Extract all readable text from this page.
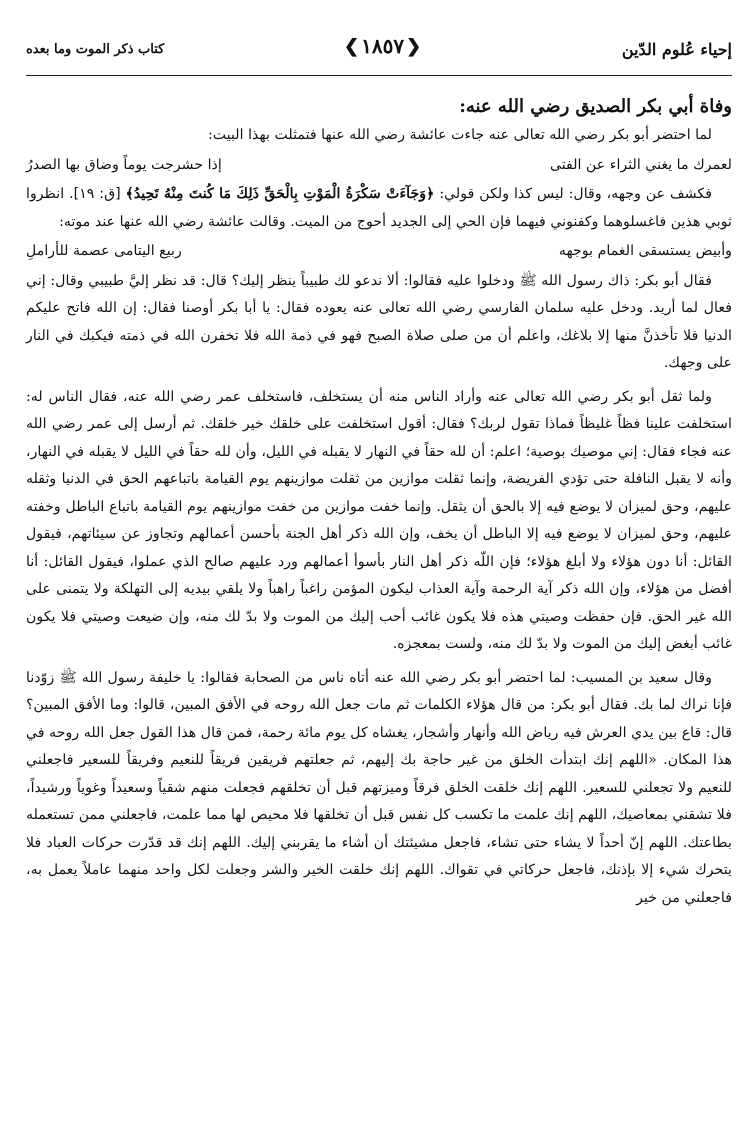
إحياء عُلوم الدّين
❮ ١٨٥٧ ❯
كتاب ذكر الموت وما بعده

وفاة أبي بكر الصديق رضي الله عنه:

لما احتضر أبو بكر رضي الله تعالى عنه جاءت عائشة رضي الله عنها فتمثلت بهذا البيت:

لعمرك ما يغني الثراء عن الفتى
إذا حشرجت يوماً وضاق بها الصدرُ

فكشف عن وجهه، وقال: ليس كذا ولكن قولي: ﴿وَجَآءَتْ سَكْرَةُ الْمَوْتِ بِالْحَقِّ ذَلِكَ مَا كُنتَ مِنْهُ تَحِيدُ﴾ [ق: ١٩]. انظروا ثوبي هذين فاغسلوهما وكفنوني فيهما فإن الحي إلى الجديد أحوج من الميت. وقالت عائشة رضي الله عنها عند موته:

وأبيض يستسقى الغمام بوجهه
ربيع اليتامى عصمة للأراملِ

فقال أبو بكر: ذاك رسول الله ﷺ ودخلوا عليه فقالوا: ألا ندعو لك طبيباً ينظر إليك؟ قال: قد نظر إليَّ طبيبي وقال: إني فعال لما أريد. ودخل عليه سلمان الفارسي رضي الله تعالى عنه يعوده فقال: يا أبا بكر أوصنا فقال: إن الله فاتح عليكم الدنيا فلا تأخذنَّ منها إلا بلاغك، واعلم أن من صلى صلاة الصبح فهو في ذمة الله فلا تخفرن الله في ذمته فيكبك في النار على وجهك.

ولما ثقل أبو بكر رضي الله تعالى عنه وأراد الناس منه أن يستخلف، فاستخلف عمر رضي الله عنه، فقال الناس له: استخلفت علينا فظاً غليظاً فماذا تقول لربك؟ فقال: أقول استخلفت على خلقك خير خلقك. ثم أرسل إلى عمر رضي الله عنه فجاء فقال: إني موصيك بوصية؛ اعلم: أن لله حقاً في النهار لا يقبله في الليل، وأن لله حقاً في الليل لا يقبله في النهار، وأنه لا يقبل النافلة حتى تؤدي الفريضة، وإنما ثقلت موازين من ثقلت موازينهم يوم القيامة باتباعهم الحق في الدنيا وثقله عليهم، وحق لميزان لا يوضع فيه إلا بالحق أن يثقل. وإنما خفت موازين من خفت موازينهم يوم القيامة باتباع الباطل وخفته عليهم، وحق لميزان لا يوضع فيه إلا الباطل أن يخف، وإن الله ذكر أهل الجنة بأحسن أعمالهم وتجاوز عن سيئاتهم، فيقول القائل: أنا دون هؤلاء ولا أبلغ هؤلاء؛ فإن اللّه ذكر أهل النار بأسوأ أعمالهم ورد عليهم صالح الذي عملوا، فيقول القائل: أنا أفضل من هؤلاء، وإن الله ذكر آية الرحمة وآية العذاب ليكون المؤمن راغباً راهباً ولا يلقي بيديه إلى التهلكة ولا يتمنى على الله غير الحق. فإن حفظت وصيتي هذه فلا يكون غائب أحب إليك من الموت ولا بدّ لك منه، وإن ضيعت وصيتي فلا يكون غائب أبغض إليك من الموت ولا بدّ لك منه، ولست بمعجزه.

وقال سعيد بن المسيب: لما احتضر أبو بكر رضي الله عنه أتاه ناس من الصحابة فقالوا: يا خليفة رسول الله ﷺ زوّدنا فإنا نراك لما بك. فقال أبو بكر: من قال هؤلاء الكلمات ثم مات جعل الله روحه في الأفق المبين، قالوا: وما الأفق المبين؟ قال: قاع بين يدي العرش فيه رياض الله وأنهار وأشجار، يغشاه كل يوم مائة رحمة، فمن قال هذا القول جعل الله روحه في هذا المكان. «اللهم إنك ابتدأت الخلق من غير حاجة بك إليهم، ثم جعلتهم فريقين فريقاً للنعيم وفريقاً للسعير فاجعلني للنعيم ولا تجعلني للسعير. اللهم إنك خلقت الخلق فرقاً وميزتهم قبل أن تخلقهم فجعلت منهم شقياً وسعيداً وغوياً ورشيداً، فلا تشقني بمعاصيك، اللهم إنك علمت ما تكسب كل نفس قبل أن تخلقها فلا محيص لها مما علمت، فاجعلني ممن تستعمله بطاعتك. اللهم إنّ أحداً لا يشاء حتى تشاء، فاجعل مشيئتك أن أشاء ما يقربني إليك. اللهم إنك قد قدّرت حركات العباد فلا يتحرك شيء إلا بإذنك، فاجعل حركاتي في تقواك. اللهم إنك خلقت الخير والشر وجعلت لكل واحد منهما عاملاً يعمل به، فاجعلني من خير
